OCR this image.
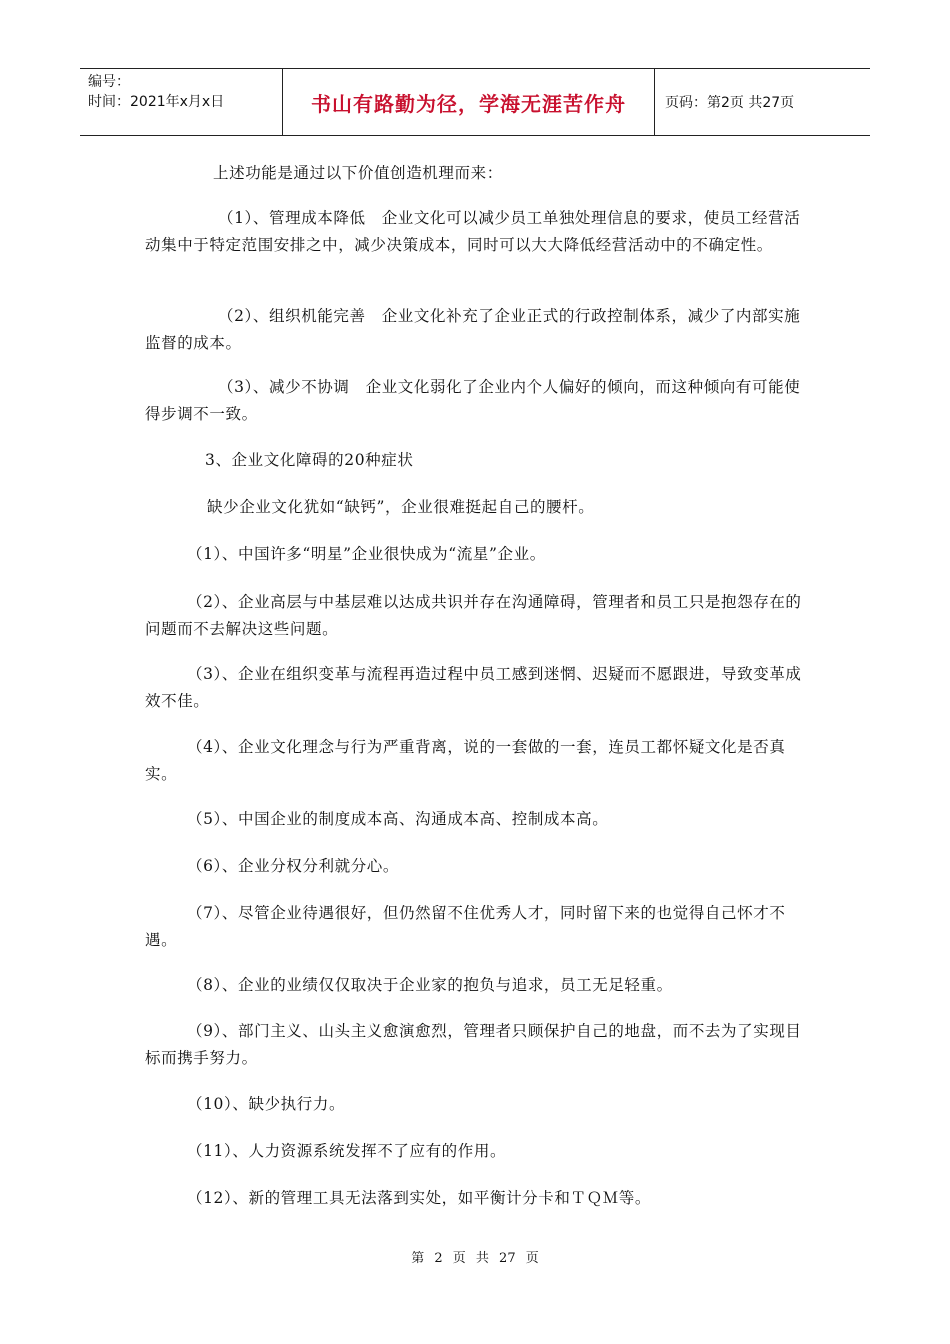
编号：
时间：2021年x月x日	书山有路勤为径，学海无涯苦作舟	页码：第2页 共27页

上述功能是通过以下价值创造机理而来：

（1）、管理成本降低　企业文化可以减少员工单独处理信息的要求，使员工经营活动集中于特定范围安排之中，减少决策成本，同时可以大大降低经营活动中的不确定性。

（2）、组织机能完善　企业文化补充了企业正式的行政控制体系，减少了内部实施监督的成本。

（3）、减少不协调　企业文化弱化了企业内个人偏好的倾向，而这种倾向有可能使得步调不一致。

3、企业文化障碍的20种症状

缺少企业文化犹如“缺钙”，企业很难挺起自己的腰杆。

（1）、中国许多“明星”企业很快成为“流星”企业。

（2）、企业高层与中基层难以达成共识并存在沟通障碍，管理者和员工只是抱怨存在的问题而不去解决这些问题。

（3）、企业在组织变革与流程再造过程中员工感到迷惘、迟疑而不愿跟进，导致变革成效不佳。

（4）、企业文化理念与行为严重背离，说的一套做的一套，连员工都怀疑文化是否真实。

（5）、中国企业的制度成本高、沟通成本高、控制成本高。

（6）、企业分权分利就分心。

（7）、尽管企业待遇很好，但仍然留不住优秀人才，同时留下来的也觉得自己怀才不遇。

（8）、企业的业绩仅仅取决于企业家的抱负与追求，员工无足轻重。

（9）、部门主义、山头主义愈演愈烈，管理者只顾保护自己的地盘，而不去为了实现目标而携手努力。

（10）、缺少执行力。

（11）、人力资源系统发挥不了应有的作用。

（12）、新的管理工具无法落到实处，如平衡计分卡和ＴＱＭ等。

第 2 页 共 27 页
